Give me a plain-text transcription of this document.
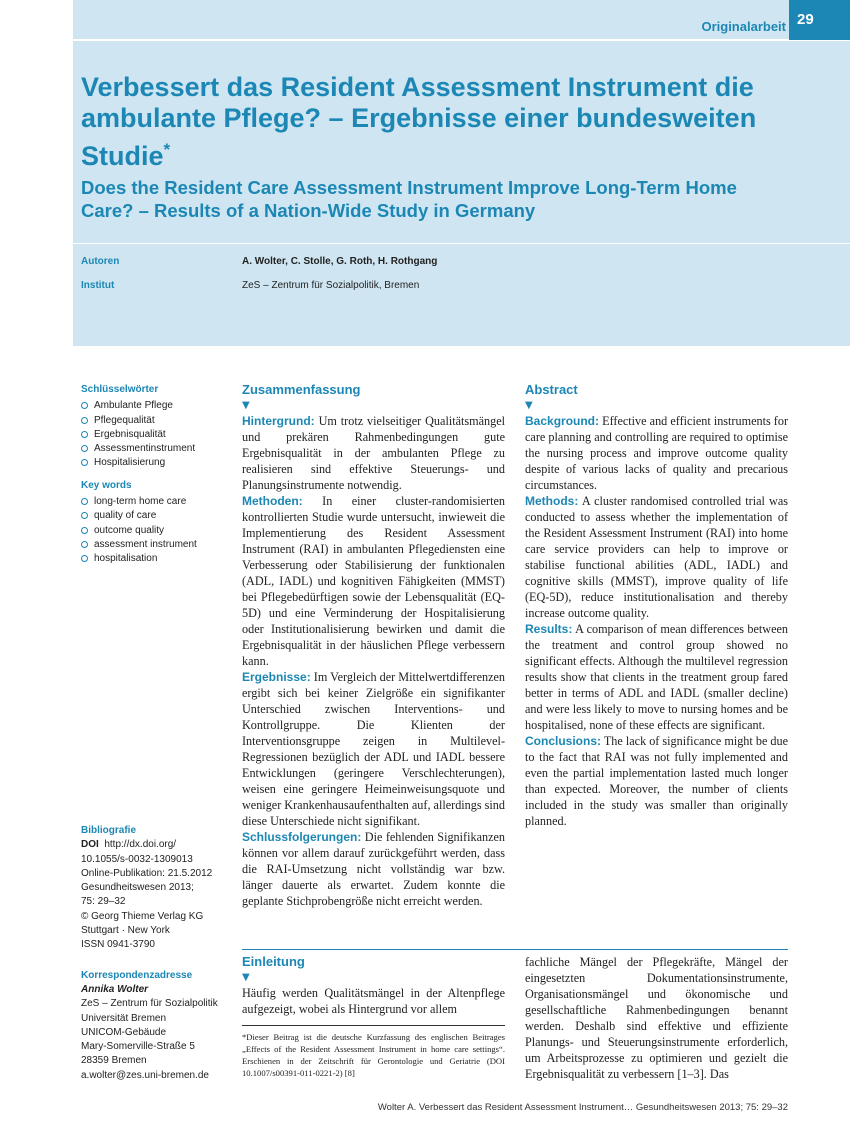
Originalarbeit 29
Verbessert das Resident Assessment Instrument die ambulante Pflege? – Ergebnisse einer bundesweiten Studie*
Does the Resident Care Assessment Instrument Improve Long-Term Home Care? – Results of a Nation-Wide Study in Germany
Autoren	A. Wolter, C. Stolle, G. Roth, H. Rothgang
Institut	ZeS – Zentrum für Sozialpolitik, Bremen
Schlüsselwörter
Ambulante Pflege
Pflegequalität
Ergebnisqualität
Assessmentinstrument
Hospitalisierung
Key words
long-term home care
quality of care
outcome quality
assessment instrument
hospitalisation
Bibliografie
DOI http://dx.doi.org/
10.1055/s-0032-1309013
Online-Publikation: 21.5.2012
Gesundheitswesen 2013;
75: 29–32
© Georg Thieme Verlag KG
Stuttgart · New York
ISSN 0941-3790
Korrespondenzadresse
Annika Wolter
ZeS – Zentrum für Sozialpolitik
Universität Bremen
UNICOM-Gebäude
Mary-Somerville-Straße 5
28359 Bremen
a.wolter@zes.uni-bremen.de
Zusammenfassung
▼

Hintergrund: Um trotz vielseitiger Qualitätsmängel und prekären Rahmenbedingungen gute Ergebnisqualität in der ambulanten Pflege zu realisieren sind effektive Steuerungs- und Planungsinstrumente notwendig.

Methoden: In einer cluster-randomisierten kontrollierten Studie wurde untersucht, inwieweit die Implementierung des Resident Assessment Instrument (RAI) in ambulanten Pflegediensten eine Verbesserung oder Stabilisierung der funktionalen (ADL, IADL) und kognitiven Fähigkeiten (MMST) bei Pflegebedürftigen sowie der Lebensqualität (EQ-5D) und eine Verminderung der Hospitalisierung oder Institutionalisierung bewirken und damit die Ergebnisqualität in der häuslichen Pflege verbessern kann.

Ergebnisse: Im Vergleich der Mittelwertdifferenzen ergibt sich bei keiner Zielgröße ein signifikanter Unterschied zwischen Interventions- und Kontrollgruppe. Die Klienten der Interventionsgruppe zeigen in Multilevel-Regressionen bezüglich der ADL und IADL bessere Entwicklungen (geringere Verschlechterungen), weisen eine geringere Heimeinweisungsquote und weniger Krankenhausaufenthalten auf, allerdings sind diese Unterschiede nicht signifikant.

Schlussfolgerungen: Die fehlenden Signifikanzen können vor allem darauf zurückgeführt werden, dass die RAI-Umsetzung nicht vollständig war bzw. länger dauerte als erwartet. Zudem konnte die geplante Stichprobengröße nicht erreicht werden.

Abstract
▼

Background: Effective and efficient instruments for care planning and controlling are required to optimise the nursing process and improve outcome quality despite of various lacks of quality and precarious circumstances.

Methods: A cluster randomised controlled trial was conducted to assess whether the implementation of the Resident Assessment Instrument (RAI) into home care service providers can help to improve or stabilise functional abilities (ADL, IADL) and cognitive skills (MMST), improve quality of life (EQ-5D), reduce institutionalisation and thereby increase outcome quality.

Results: A comparison of mean differences between the treatment and control group showed no significant effects. Although the multilevel regression results show that clients in the treatment group fared better in terms of ADL and IADL (smaller decline) and were less likely to move to nursing homes and be hospitalised, none of these effects are significant.

Conclusions: The lack of significance might be due to the fact that RAI was not fully implemented and even the partial implementation lasted much longer than expected. Moreover, the number of clients included in the study was smaller than originally planned.

Einleitung
▼

Häufig werden Qualitätsmängel in der Altenpflege aufgezeigt, wobei als Hintergrund vor allem

fachliche Mängel der Pflegekräfte, Mängel der eingesetzten Dokumentationsinstrumente, Organisationsmängel und ökonomische und gesellschaftliche Rahmenbedingungen benannt werden. Deshalb sind effektive und effiziente Planungs- und Steuerungsinstrumente erforderlich, um Arbeitsprozesse zu optimieren und gezielt die Ergebnisqualität zu verbessern [1–3]. Das

*Dieser Beitrag ist die deutsche Kurzfassung des englischen Beitrages „Effects of the Resident Assessment Instrument in home care settings“. Erschienen in der Zeitschrift für Gerontologie und Geriatrie (DOI 10.1007/s00391-011-0221-2) [8]
Wolter A. Verbessert das Resident Assessment Instrument… Gesundheitswesen 2013; 75: 29–32
